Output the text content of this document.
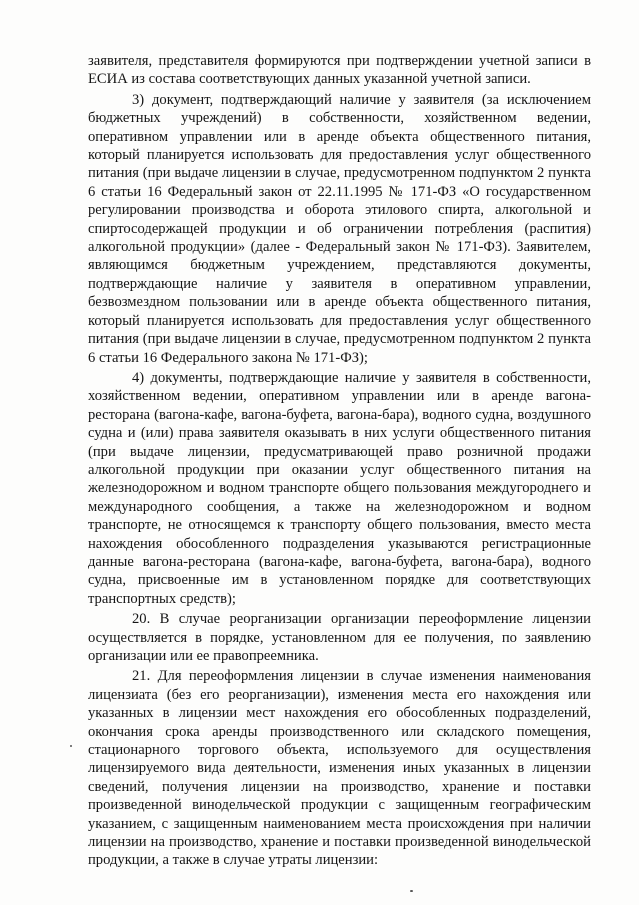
заявителя, представителя формируются при подтверждении учетной записи в ЕСИА из состава соответствующих данных указанной учетной записи.

3) документ, подтверждающий наличие у заявителя (за исключением бюджетных учреждений) в собственности, хозяйственном ведении, оперативном управлении или в аренде объекта общественного питания, который планируется использовать для предоставления услуг общественного питания (при выдаче лицензии в случае, предусмотренном подпунктом 2 пункта 6 статьи 16 Федеральный закон от 22.11.1995 № 171-ФЗ «О государственном регулировании производства и оборота этилового спирта, алкогольной и спиртосодержащей продукции и об ограничении потребления (распития) алкогольной продукции» (далее - Федеральный закон № 171-ФЗ). Заявителем, являющимся бюджетным учреждением, представляются документы, подтверждающие наличие у заявителя в оперативном управлении, безвозмездном пользовании или в аренде объекта общественного питания, который планируется использовать для предоставления услуг общественного питания (при выдаче лицензии в случае, предусмотренном подпунктом 2 пункта 6 статьи 16 Федерального закона № 171-ФЗ);

4) документы, подтверждающие наличие у заявителя в собственности, хозяйственном ведении, оперативном управлении или в аренде вагона-ресторана (вагона-кафе, вагона-буфета, вагона-бара), водного судна, воздушного судна и (или) права заявителя оказывать в них услуги общественного питания (при выдаче лицензии, предусматривающей право розничной продажи алкогольной продукции при оказании услуг общественного питания на железнодорожном и водном транспорте общего пользования междугороднего и международного сообщения, а также на железнодорожном и водном транспорте, не относящемся к транспорту общего пользования, вместо места нахождения обособленного подразделения указываются регистрационные данные вагона-ресторана (вагона-кафе, вагона-буфета, вагона-бара), водного судна, присвоенные им в установленном порядке для соответствующих транспортных средств);

20. В случае реорганизации организации переоформление лицензии осуществляется в порядке, установленном для ее получения, по заявлению организации или ее правопреемника.

21. Для переоформления лицензии в случае изменения наименования лицензиата (без его реорганизации), изменения места его нахождения или указанных в лицензии мест нахождения его обособленных подразделений, окончания срока аренды производственного или складского помещения, стационарного торгового объекта, используемого для осуществления лицензируемого вида деятельности, изменения иных указанных в лицензии сведений, получения лицензии на производство, хранение и поставки произведенной винодельческой продукции с защищенным географическим указанием, с защищенным наименованием места происхождения при наличии лицензии на производство, хранение и поставки произведенной винодельческой продукции, а также в случае утраты лицензии:
